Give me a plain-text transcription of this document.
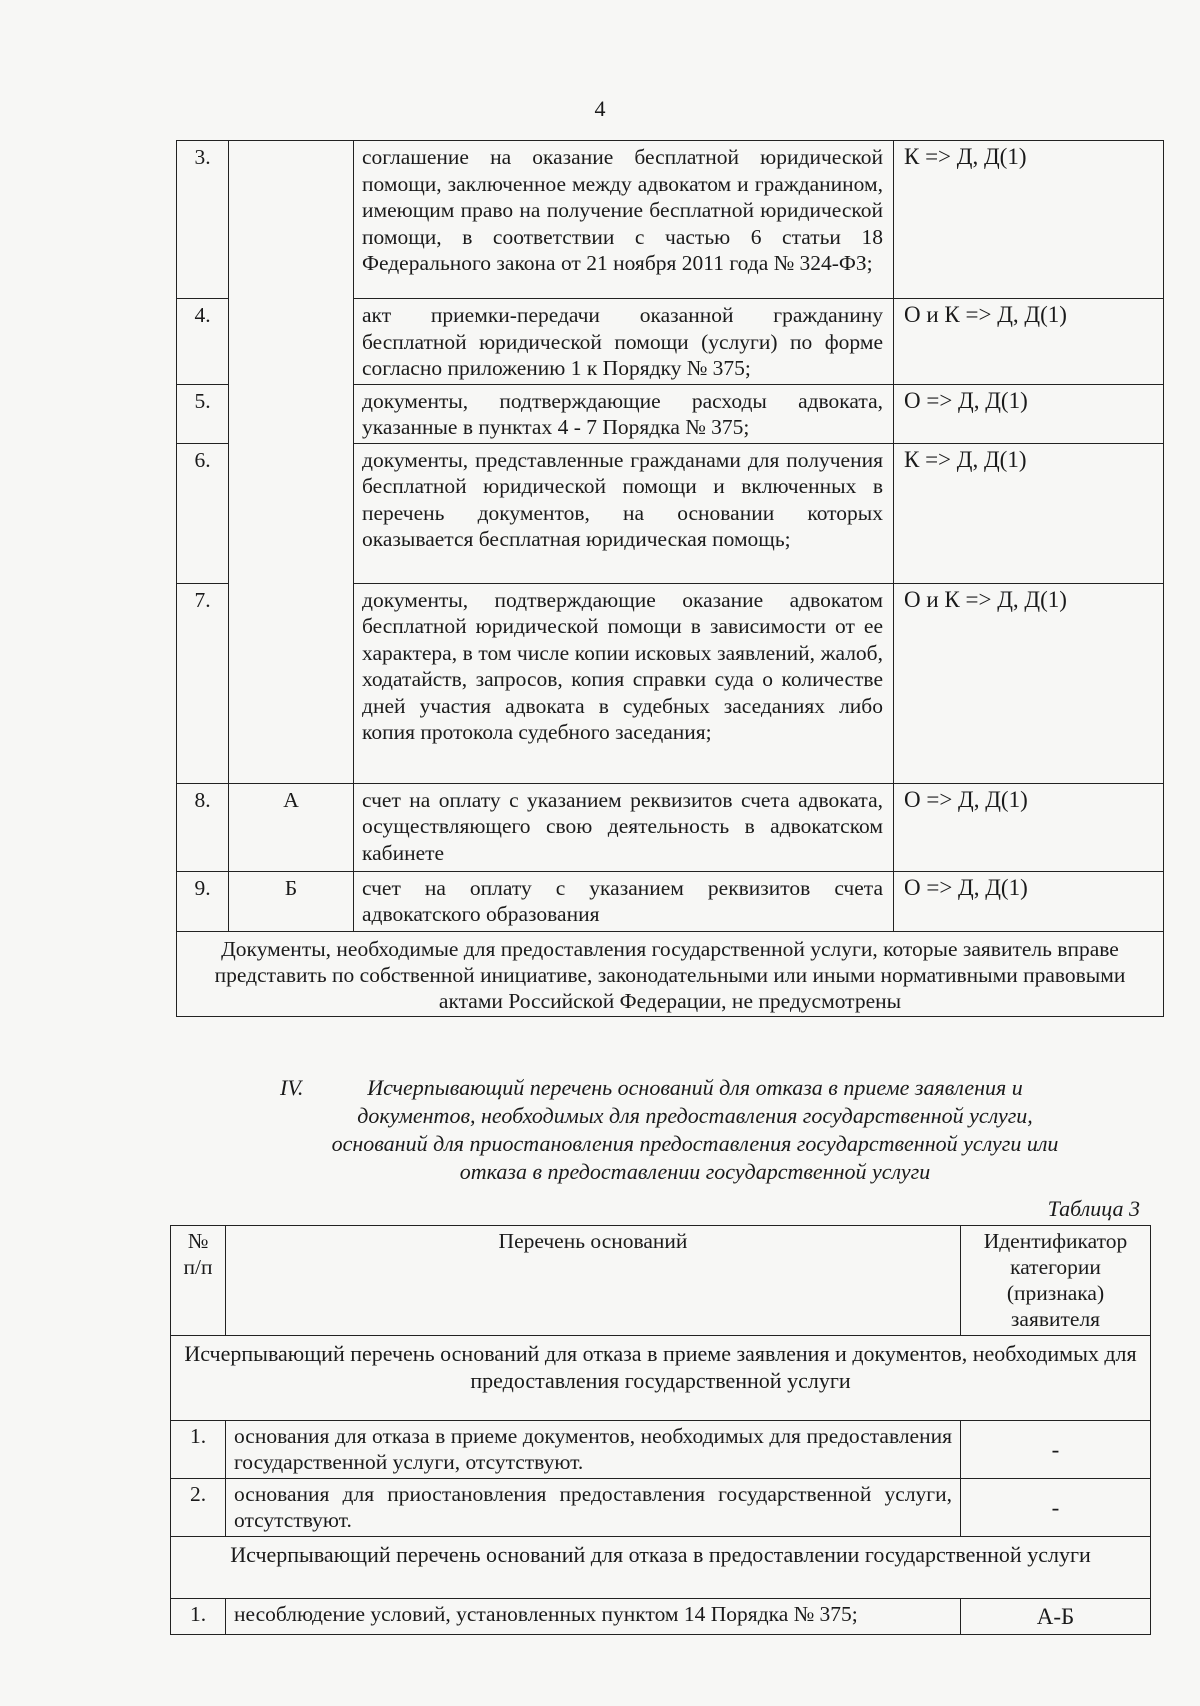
4
3.		соглашение на оказание бесплатной юридической помощи, заключенное между адвокатом и гражданином, имеющим право на получение бесплатной юридической помощи, в соответствии с частью 6 статьи 18 Федерального закона от 21 ноября 2011 года № 324-ФЗ;	К => Д, Д(1)
4.		акт приемки-передачи оказанной гражданину бесплатной юридической помощи (услуги) по форме согласно приложению 1 к Порядку № 375;	О и К => Д, Д(1)
5.		документы, подтверждающие расходы адвоката, указанные в пунктах 4 - 7 Порядка № 375;	О => Д, Д(1)
6.		документы, представленные гражданами для получения бесплатной юридической помощи и включенных в перечень документов, на основании которых оказывается бесплатная юридическая помощь;	К => Д, Д(1)
7.		документы, подтверждающие оказание адвокатом бесплатной юридической помощи в зависимости от ее характера, в том числе копии исковых заявлений, жалоб, ходатайств, запросов, копия справки суда о количестве дней участия адвоката в судебных заседаниях либо копия протокола судебного заседания;	О и К => Д, Д(1)
8.	А	счет на оплату с указанием реквизитов счета адвоката, осуществляющего свою деятельность в адвокатском кабинете	О => Д, Д(1)
9.	Б	счет на оплату с указанием реквизитов счета адвокатского образования	О => Д, Д(1)
Документы, необходимые для предоставления государственной услуги, которые заявитель вправе представить по собственной инициативе, законодательными или иными нормативными правовыми актами Российской Федерации, не предусмотрены			
IV.	Исчерпывающий перечень оснований для отказа в приеме заявления и
документов, необходимых для предоставления государственной услуги,
оснований для приостановления предоставления государственной услуги или
отказа в предоставлении государственной услуги
Таблица 3
№ п/п	Перечень оснований	Идентификатор категории (признака) заявителя
Исчерпывающий перечень оснований для отказа в приеме заявления и документов, необходимых для предоставления государственной услуги		
1.	основания для отказа в приеме документов, необходимых для предоставления государственной услуги, отсутствуют.	-
2.	основания для приостановления предоставления государственной услуги, отсутствуют.	-
Исчерпывающий перечень оснований для отказа в предоставлении государственной услуги		
1.	несоблюдение условий, установленных пунктом 14 Порядка № 375;	А-Б
